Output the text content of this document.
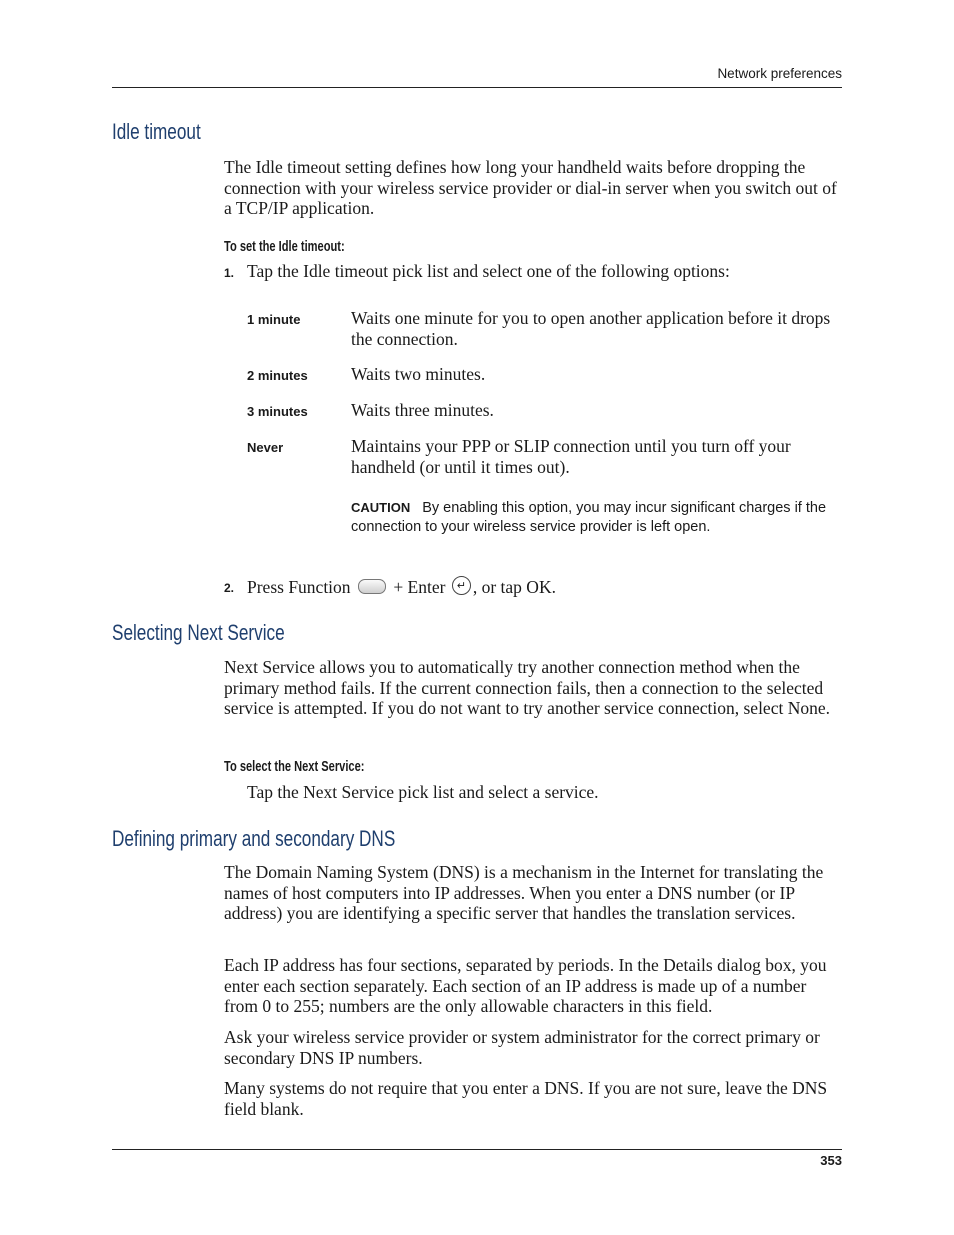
Network preferences
Idle timeout
The Idle timeout setting defines how long your handheld waits before dropping the connection with your wireless service provider or dial-in server when you switch out of a TCP/IP application.
To set the Idle timeout:
1. Tap the Idle timeout pick list and select one of the following options:
1 minute	Waits one minute for you to open another application before it drops the connection.
2 minutes Waits two minutes.
3 minutes Waits three minutes.
Never	Maintains your PPP or SLIP connection until you turn off your handheld (or until it times out).
CAUTION By enabling this option, you may incur significant charges if the connection to your wireless service provider is left open.
2. Press Function + Enter ↵ , or tap OK.
Selecting Next Service
Next Service allows you to automatically try another connection method when the primary method fails. If the current connection fails, then a connection to the selected service is attempted. If you do not want to try another service connection, select None.
To select the Next Service:
Tap the Next Service pick list and select a service.
Defining primary and secondary DNS
The Domain Naming System (DNS) is a mechanism in the Internet for translating the names of host computers into IP addresses. When you enter a DNS number (or IP address) you are identifying a specific server that handles the translation services.
Each IP address has four sections, separated by periods. In the Details dialog box, you enter each section separately. Each section of an IP address is made up of a number from 0 to 255; numbers are the only allowable characters in this field.
Ask your wireless service provider or system administrator for the correct primary or secondary DNS IP numbers.
Many systems do not require that you enter a DNS. If you are not sure, leave the DNS field blank.
353
